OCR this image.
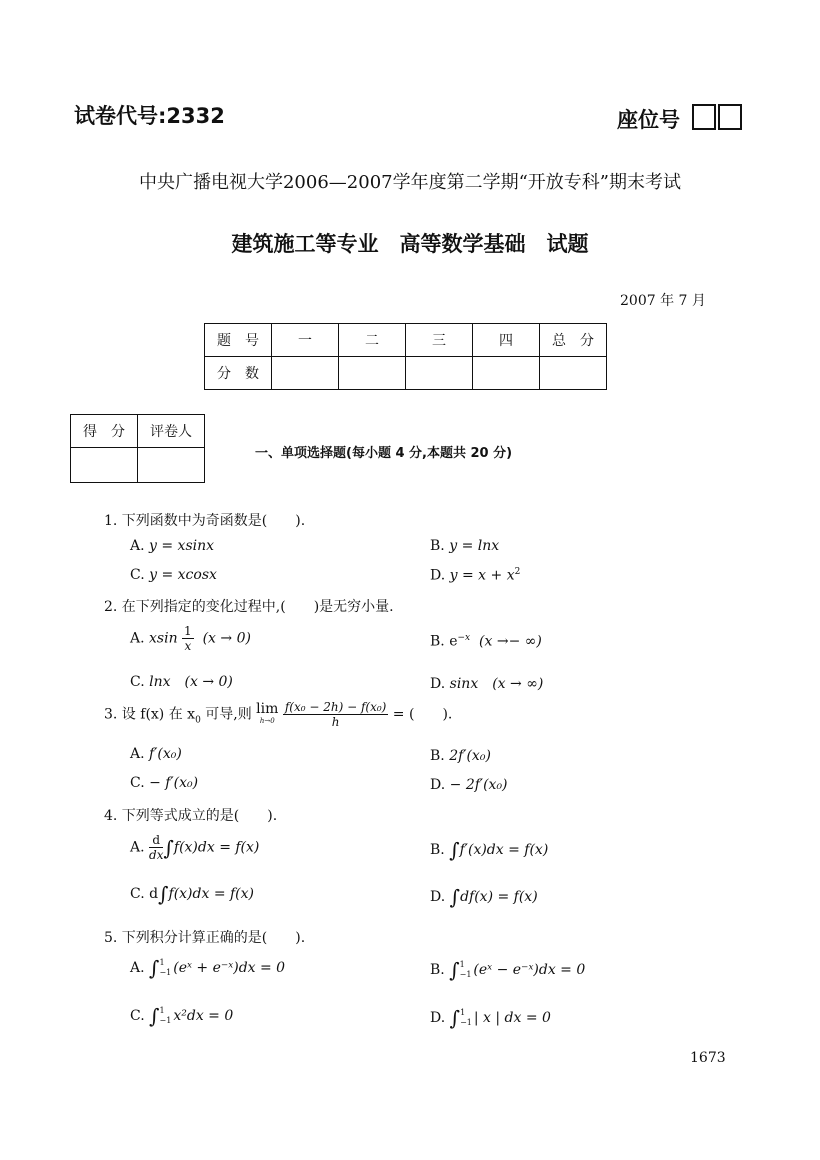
试卷代号:2332	座位号
中央广播电视大学2006—2007学年度第二学期“开放专科”期末考试
建筑施工等专业　高等数学基础　试题
2007 年 7 月
题　号	一	二	三	四	总　分
分　数					
得　分	评卷人

一、单项选择题(每小题 4 分,本题共 20 分)
1. 下列函数中为奇函数是(　　).
A. y = xsinx	B. y = lnx
C. y = xcosx	D. $y = x + x^2$
2. 在下列指定的变化过程中,(　　)是无穷小量.
A. xsin $\frac{1}{x} (x \to 0)$	B. $e^{-x}$ (x →− ∞)
C. lnx　(x → 0)	D. sinx　(x → ∞)
3. 设 f(x) 在 $x_0$ 可导,则 lim
h→0
$\frac{\text{f(x₀ − 2h) − f(x₀)}}{h}$ = (　　).
A. f′(x₀)	B. 2f′(x₀)
C. − f′(x₀)	D. − 2f′(x₀)
4. 下列等式成立的是(　　).
A. $\frac{d}{dx} \int f(x)dx = f(x)$	B. ∫f′(x)dx = f(x)
C. d∫f(x)dx = f(x)	D. ∫df(x) = f(x)
5. 下列积分计算正确的是(　　).
A. ∫ 1
−1 (eˣ + e⁻ˣ)dx = 0	B. ∫ 1
−1 (eˣ − e⁻ˣ)dx = 0
C. ∫ 1
−1 x²dx = 0	D. ∫ 1
−1 | x | dx = 0
1673
